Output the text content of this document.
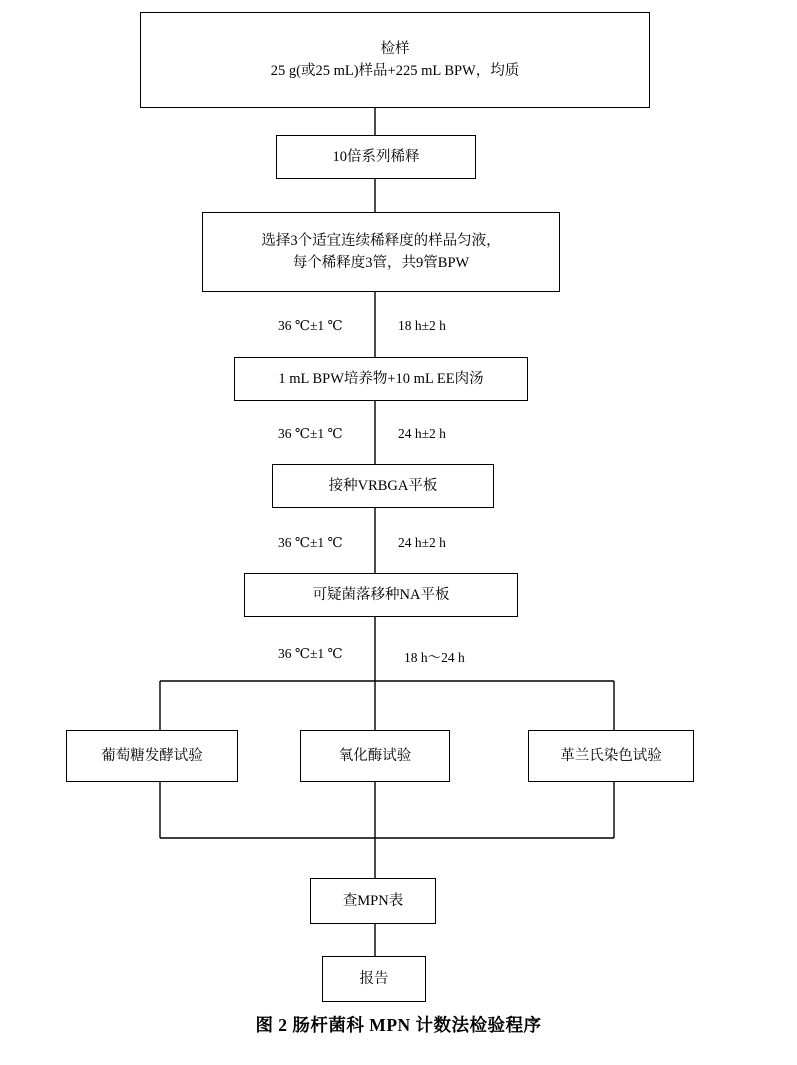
检样
25 g(或25 mL)样品+225 mL BPW，均质
10倍系列稀释
选择3个适宜连续稀释度的样品匀液，
每个稀释度3管，共9管BPW
1 mL BPW培养物+10 mL EE肉汤
接种VRBGA平板
可疑菌落移种NA平板
葡萄糖发酵试验	氧化酶试验	革兰氏染色试验
查MPN表
报告
36 ℃±1 ℃	18 h±2 h
36 ℃±1 ℃	24 h±2 h
36 ℃±1 ℃	24 h±2 h
36 ℃±1 ℃	18 h～24 h
图 2 肠杆菌科 MPN 计数法检验程序
